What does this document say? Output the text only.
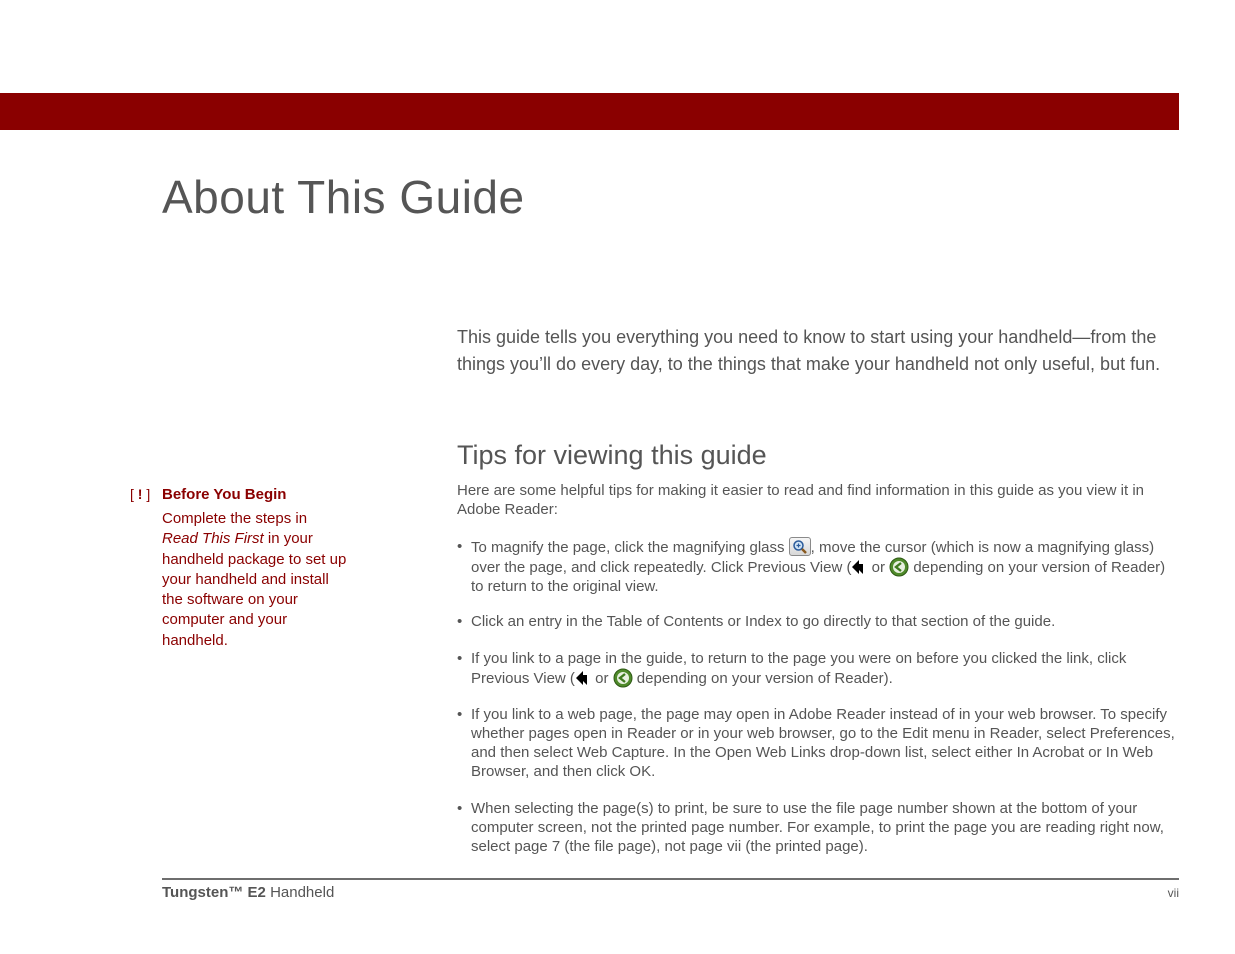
About This Guide

This guide tells you everything you need to know to start using your handheld—from the things you’ll do every day, to the things that make your handheld not only useful, but fun.

Tips for viewing this guide

Here are some helpful tips for making it easier to read and find information in this guide as you view it in Adobe Reader:

• To magnify the page, click the magnifying glass
, move the cursor (which is now a magnifying glass) over the page, and click repeatedly. Click Previous View ( or  depending on your version of Reader) to return to the original view.
• Click an entry in the Table of Contents or Index to go directly to that section of the guide.
• If you link to a page in the guide, to return to the page you were on before you clicked the link, click Previous View ( or  depending on your version of Reader).
• If you link to a web page, the page may open in Adobe Reader instead of in your web browser. To specify whether pages open in Reader or in your web browser, go to the Edit menu in Reader, select Preferences, and then select Web Capture. In the Open Web Links drop-down list, select either In Acrobat or In Web Browser, and then click OK.
• When selecting the page(s) to print, be sure to use the file page number shown at the bottom of your computer screen, not the printed page number. For example, to print the page you are reading right now, select page 7 (the file page), not page vii (the printed page).
[ ! ] Before You Begin

Complete the steps in Read This First in your handheld package to set up your handheld and install the software on your computer and your handheld.

Tungsten™ E2 Handheld	vii
